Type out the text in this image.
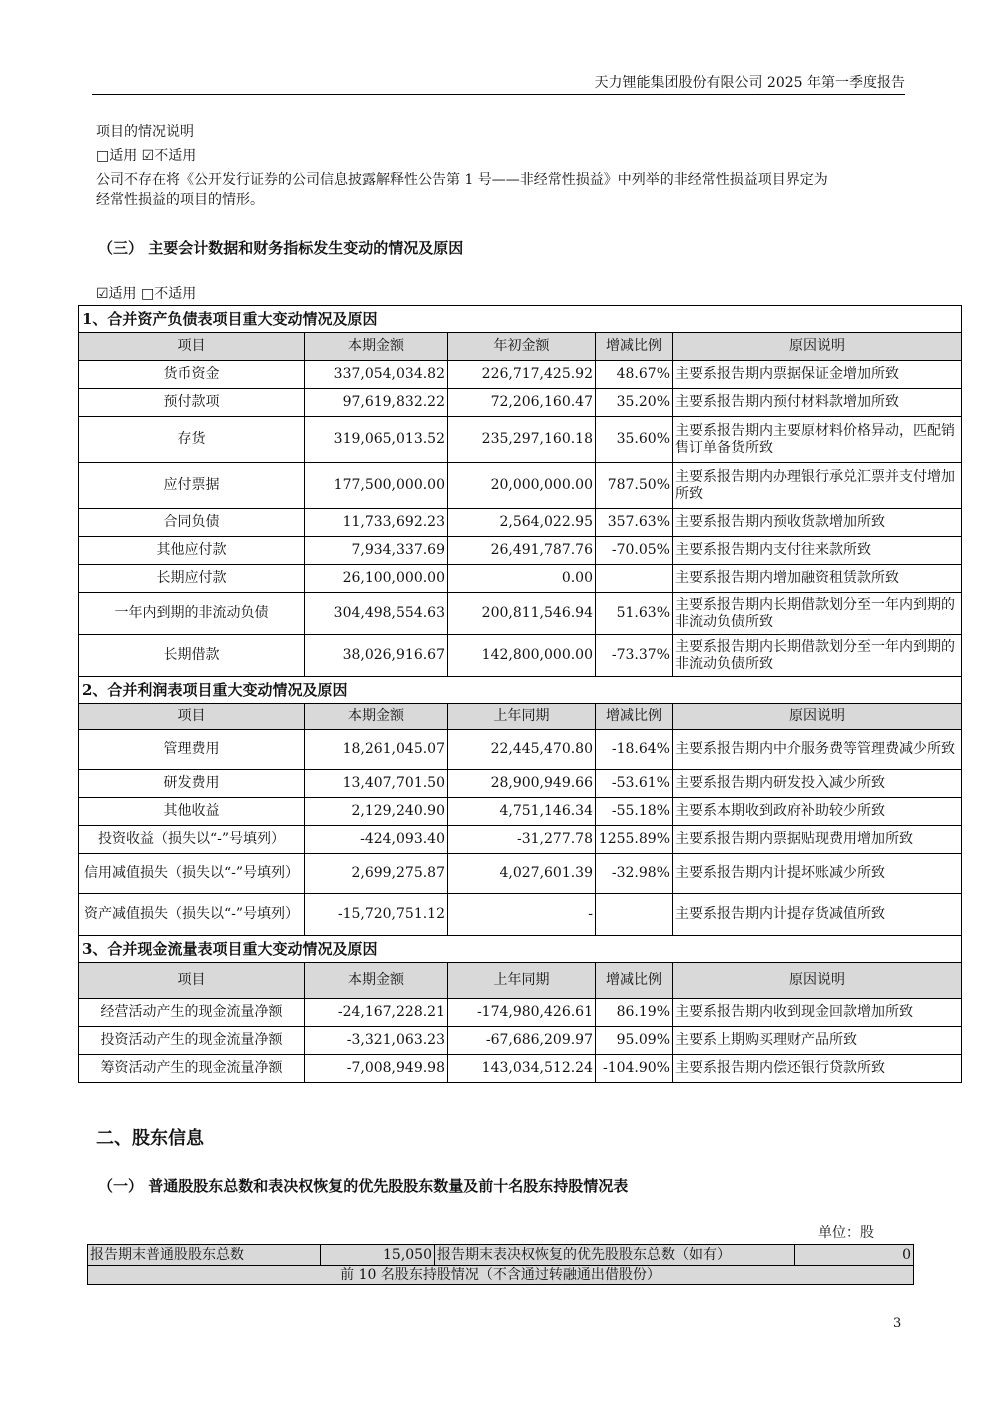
天力锂能集团股份有限公司 2025 年第一季度报告
项目的情况说明
□适用 ☑不适用
公司不存在将《公开发行证券的公司信息披露解释性公告第 1 号——非经常性损益》中列举的非经常性损益项目界定为
经常性损益的项目的情形。
（三） 主要会计数据和财务指标发生变动的情况及原因
☑适用 □不适用
1、合并资产负债表项目重大变动情况及原因				
项目	本期金额	年初金额	增减比例	原因说明
货币资金	337,054,034.82	226,717,425.92	48.67%	主要系报告期内票据保证金增加所致
预付款项	97,619,832.22	72,206,160.47	35.20%	主要系报告期内预付材料款增加所致
存货	319,065,013.52	235,297,160.18	35.60%	主要系报告期内主要原材料价格异动，匹配销售订单备货所致
应付票据	177,500,000.00	20,000,000.00	787.50%	主要系报告期内办理银行承兑汇票并支付增加所致
合同负债	11,733,692.23	2,564,022.95	357.63%	主要系报告期内预收货款增加所致
其他应付款	7,934,337.69	26,491,787.76	-70.05%	主要系报告期内支付往来款所致
长期应付款	26,100,000.00	0.00		主要系报告期内增加融资租赁款所致
一年内到期的非流动负债	304,498,554.63	200,811,546.94	51.63%	主要系报告期内长期借款划分至一年内到期的非流动负债所致
长期借款	38,026,916.67	142,800,000.00	-73.37%	主要系报告期内长期借款划分至一年内到期的非流动负债所致
2、合并利润表项目重大变动情况及原因				
项目	本期金额	上年同期	增减比例	原因说明
管理费用	18,261,045.07	22,445,470.80	-18.64%	主要系报告期内中介服务费等管理费减少所致
研发费用	13,407,701.50	28,900,949.66	-53.61%	主要系报告期内研发投入减少所致
其他收益	2,129,240.90	4,751,146.34	-55.18%	主要系本期收到政府补助较少所致
投资收益（损失以“-”号填列）	-424,093.40	-31,277.78	1255.89%	主要系报告期内票据贴现费用增加所致
信用减值损失（损失以“-”号填列）	2,699,275.87	4,027,601.39	-32.98%	主要系报告期内计提坏账减少所致
资产减值损失（损失以“-”号填列）	-15,720,751.12	-		主要系报告期内计提存货减值所致
3、合并现金流量表项目重大变动情况及原因				
项目	本期金额	上年同期	增减比例	原因说明
经营活动产生的现金流量净额	-24,167,228.21	-174,980,426.61	86.19%	主要系报告期内收到现金回款增加所致
投资活动产生的现金流量净额	-3,321,063.23	-67,686,209.97	95.09%	主要系上期购买理财产品所致
筹资活动产生的现金流量净额	-7,008,949.98	143,034,512.24	-104.90%	主要系报告期内偿还银行贷款所致
二、股东信息
（一） 普通股股东总数和表决权恢复的优先股股东数量及前十名股东持股情况表
单位：股
报告期末普通股股东总数	15,050	报告期末表决权恢复的优先股股东总数（如有）	0
前 10 名股东持股情况（不含通过转融通出借股份）
3
